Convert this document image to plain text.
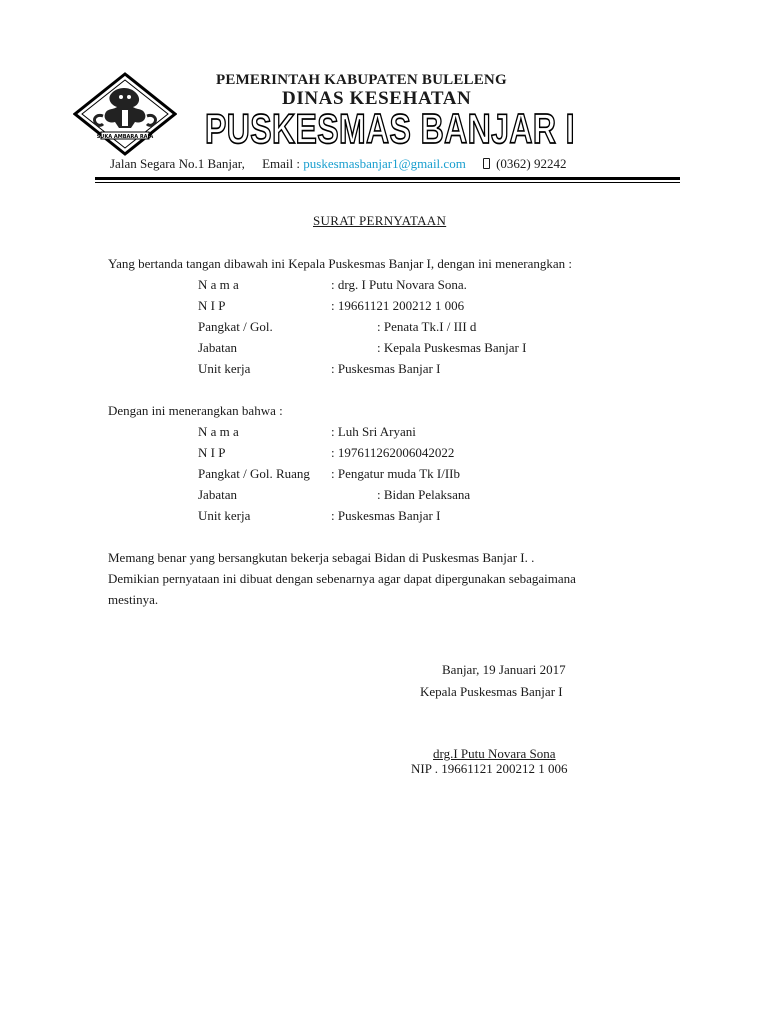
SUKA AMBARA RAJA
PEMERINTAH KABUPATEN BULELENG
DINAS KESEHATAN
PUSKESMAS BANJAR I
Jalan Segara No.1 Banjar, Email : puskesmasbanjar1@gmail.com (0362) 92242
SURAT PERNYATAAN
Yang bertanda tangan dibawah ini Kepala Puskesmas Banjar I, dengan ini menerangkan :
N a m a	: drg. I Putu Novara Sona.
N I P	: 19661121 200212 1 006
Pangkat / Gol.	: Penata Tk.I / III d
Jabatan	: Kepala Puskesmas Banjar I
Unit kerja	: Puskesmas Banjar I
Dengan ini menerangkan bahwa :
N a m a	: Luh Sri Aryani
N I P	: 197611262006042022
Pangkat / Gol. Ruang : Pengatur muda Tk I/IIb
Jabatan	: Bidan Pelaksana
Unit kerja	: Puskesmas Banjar I
Memang benar yang bersangkutan bekerja sebagai Bidan di Puskesmas Banjar I. .
Demikian pernyataan ini dibuat dengan sebenarnya agar dapat dipergunakan sebagaimana
mestinya.
Banjar, 19 Januari 2017
Kepala Puskesmas Banjar I
drg.I Putu Novara Sona
NIP . 19661121 200212 1 006
